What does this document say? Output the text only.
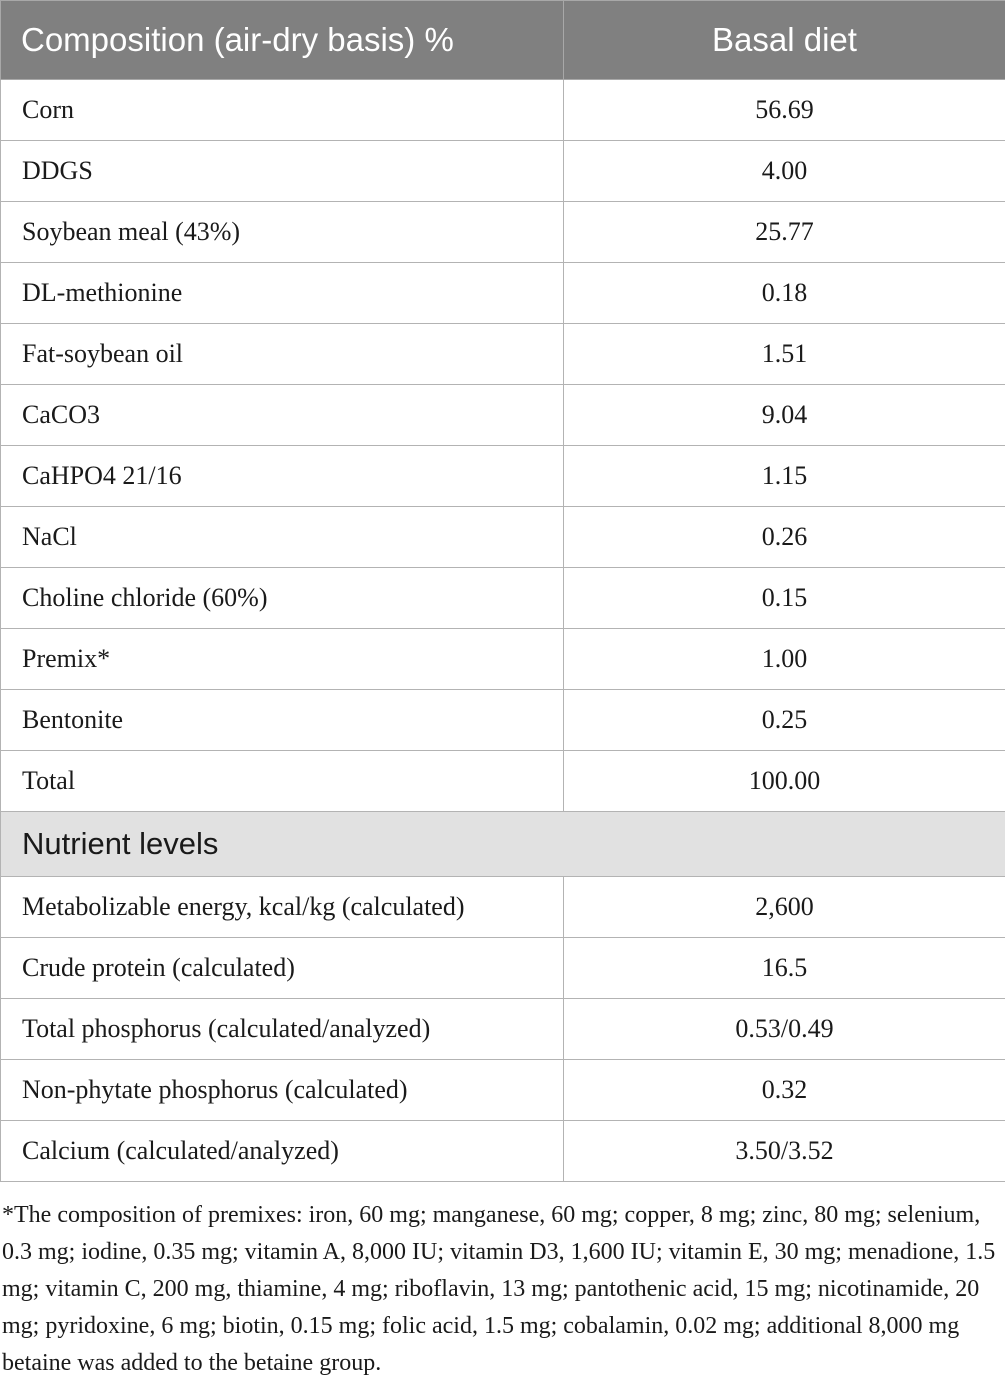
Composition (air-dry basis) %	Basal diet
Corn	56.69
DDGS	4.00
Soybean meal (43%)	25.77
DL-methionine	0.18
Fat-soybean oil	1.51
CaCO3	9.04
CaHPO4 21/16	1.15
NaCl	0.26
Choline chloride (60%)	0.15
Premix*	1.00
Bentonite	0.25
Total	100.00
Nutrient levels	
Metabolizable energy, kcal/kg (calculated)	2,600
Crude protein (calculated)	16.5
Total phosphorus (calculated/analyzed)	0.53/0.49
Non-phytate phosphorus (calculated)	0.32
Calcium (calculated/analyzed)	3.50/3.52
*The composition of premixes: iron, 60 mg; manganese, 60 mg; copper, 8 mg; zinc, 80 mg; selenium, 0.3 mg; iodine, 0.35 mg; vitamin A, 8,000 IU; vitamin D3, 1,600 IU; vitamin E, 30 mg; menadione, 1.5 mg; vitamin C, 200 mg, thiamine, 4 mg; riboflavin, 13 mg; pantothenic acid, 15 mg; nicotinamide, 20 mg; pyridoxine, 6 mg; biotin, 0.15 mg; folic acid, 1.5 mg; cobalamin, 0.02 mg; additional 8,000 mg betaine was added to the betaine group.
